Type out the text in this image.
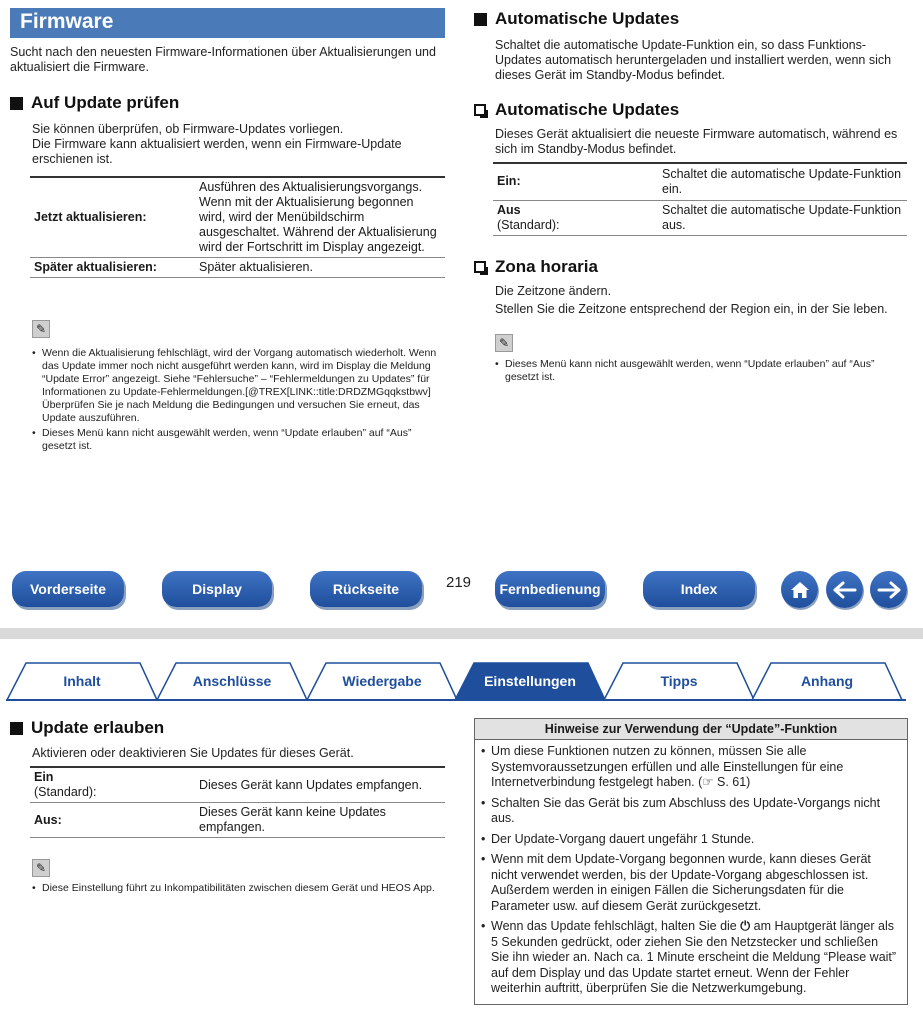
Firmware
Sucht nach den neuesten Firmware-Informationen über Aktualisierungen und aktualisiert die Firmware.
Auf Update prüfen
Sie können überprüfen, ob Firmware-Updates vorliegen.
Die Firmware kann aktualisiert werden, wenn ein Firmware-Update erschienen ist.
Jetzt aktualisieren:	Ausführen des Aktualisierungsvorgangs. Wenn mit der Aktualisierung begonnen wird, wird der Menübildschirm ausgeschaltet. Während der Aktualisierung wird der Fortschritt im Display angezeigt.
Später aktualisieren:	Später aktualisieren.
✎
• Wenn die Aktualisierung fehlschlägt, wird der Vorgang automatisch wiederholt. Wenn das Update immer noch nicht ausgeführt werden kann, wird im Display die Meldung “Update Error” angezeigt. Siehe “Fehlersuche” – “Fehlermeldungen zu Updates” für Informationen zu Update-Fehlermeldungen.[@TREX[LINK::title:DRDZMGqqkstbwv]
Überprüfen Sie je nach Meldung die Bedingungen und versuchen Sie erneut, das Update auszuführen.
• Dieses Menü kann nicht ausgewählt werden, wenn “Update erlauben” auf “Aus” gesetzt ist.
Automatische Updates
Schaltet die automatische Update-Funktion ein, so dass Funktions-Updates automatisch heruntergeladen und installiert werden, wenn sich dieses Gerät im Standby-Modus befindet.
Automatische Updates
Dieses Gerät aktualisiert die neueste Firmware automatisch, während es sich im Standby-Modus befindet.
Ein:	Schaltet die automatische Update-Funktion ein.
Aus
(Standard):	Schaltet die automatische Update-Funktion aus.
Zona horaria
Die Zeitzone ändern.
Stellen Sie die Zeitzone entsprechend der Region ein, in der Sie leben.
✎
• Dieses Menü kann nicht ausgewählt werden, wenn “Update erlauben” auf “Aus” gesetzt ist.
Vorderseite	Display	Rückseite	219 Fernbedienung	Index
Inhalt	Anschlüsse	Wiedergabe	Einstellungen	Tipps	Anhang
Update erlauben
Aktivieren oder deaktivieren Sie Updates für dieses Gerät.
Ein
(Standard):	Dieses Gerät kann Updates empfangen.
Aus:	Dieses Gerät kann keine Updates empfangen.
✎
• Diese Einstellung führt zu Inkompatibilitäten zwischen diesem Gerät und HEOS App.
Hinweise zur Verwendung der “Update”-Funktion
• Um diese Funktionen nutzen zu können, müssen Sie alle Systemvoraussetzungen erfüllen und alle Einstellungen für eine Internetverbindung festgelegt haben. (☞ S. 61)
• Schalten Sie das Gerät bis zum Abschluss des Update-Vorgangs nicht aus.
• Der Update-Vorgang dauert ungefähr 1 Stunde.
• Wenn mit dem Update-Vorgang begonnen wurde, kann dieses Gerät nicht verwendet werden, bis der Update-Vorgang abgeschlossen ist. Außerdem werden in einigen Fällen die Sicherungsdaten für die Parameter usw. auf diesem Gerät zurückgesetzt.
• Wenn das Update fehlschlägt, halten Sie die ⏻ am Hauptgerät länger als 5 Sekunden gedrückt, oder ziehen Sie den Netzstecker und schließen Sie ihn wieder an. Nach ca. 1 Minute erscheint die Meldung “Please wait” auf dem Display und das Update startet erneut. Wenn der Fehler weiterhin auftritt, überprüfen Sie die Netzwerkumgebung.
